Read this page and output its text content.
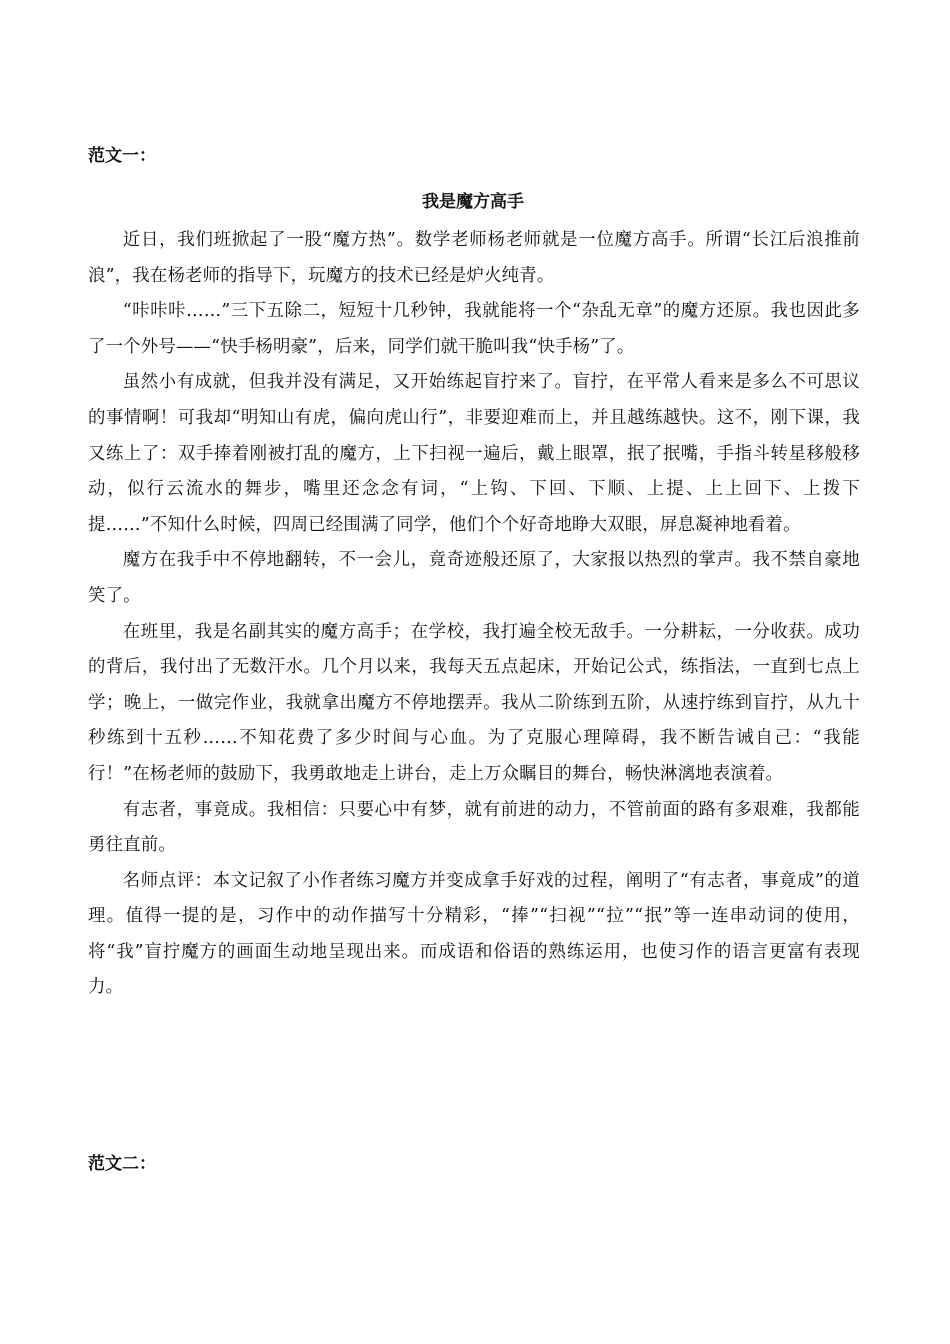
范文一：
我是魔方高手

近日，我们班掀起了一股“魔方热”。数学老师杨老师就是一位魔方高手。所谓“长江后浪推前浪”，我在杨老师的指导下，玩魔方的技术已经是炉火纯青。

“咔咔咔……”三下五除二，短短十几秒钟，我就能将一个“杂乱无章”的魔方还原。我也因此多了一个外号——“快手杨明豪”，后来，同学们就干脆叫我“快手杨”了。

虽然小有成就，但我并没有满足，又开始练起盲拧来了。盲拧，在平常人看来是多么不可思议的事情啊！可我却“明知山有虎，偏向虎山行”，非要迎难而上，并且越练越快。这不，刚下课，我又练上了：双手捧着刚被打乱的魔方，上下扫视一遍后，戴上眼罩，抿了抿嘴，手指斗转星移般移动，似行云流水的舞步，嘴里还念念有词，“上钩、下回、下顺、上提、上上回下、上拨下提……”不知什么时候，四周已经围满了同学，他们个个好奇地睁大双眼，屏息凝神地看着。

魔方在我手中不停地翻转，不一会儿，竟奇迹般还原了，大家报以热烈的掌声。我不禁自豪地笑了。

在班里，我是名副其实的魔方高手；在学校，我打遍全校无敌手。一分耕耘，一分收获。成功的背后，我付出了无数汗水。几个月以来，我每天五点起床，开始记公式，练指法，一直到七点上学；晚上，一做完作业，我就拿出魔方不停地摆弄。我从二阶练到五阶，从速拧练到盲拧，从九十秒练到十五秒……不知花费了多少时间与心血。为了克服心理障碍，我不断告诫自己：“我能行！”在杨老师的鼓励下，我勇敢地走上讲台，走上万众瞩目的舞台，畅快淋漓地表演着。

有志者，事竟成。我相信：只要心中有梦，就有前进的动力，不管前面的路有多艰难，我都能勇往直前。

名师点评：本文记叙了小作者练习魔方并变成拿手好戏的过程，阐明了“有志者，事竟成”的道理。值得一提的是，习作中的动作描写十分精彩，“捧”“扫视”“拉”“抿”等一连串动词的使用，将“我”盲拧魔方的画面生动地呈现出来。而成语和俗语的熟练运用，也使习作的语言更富有表现力。

范文二：
